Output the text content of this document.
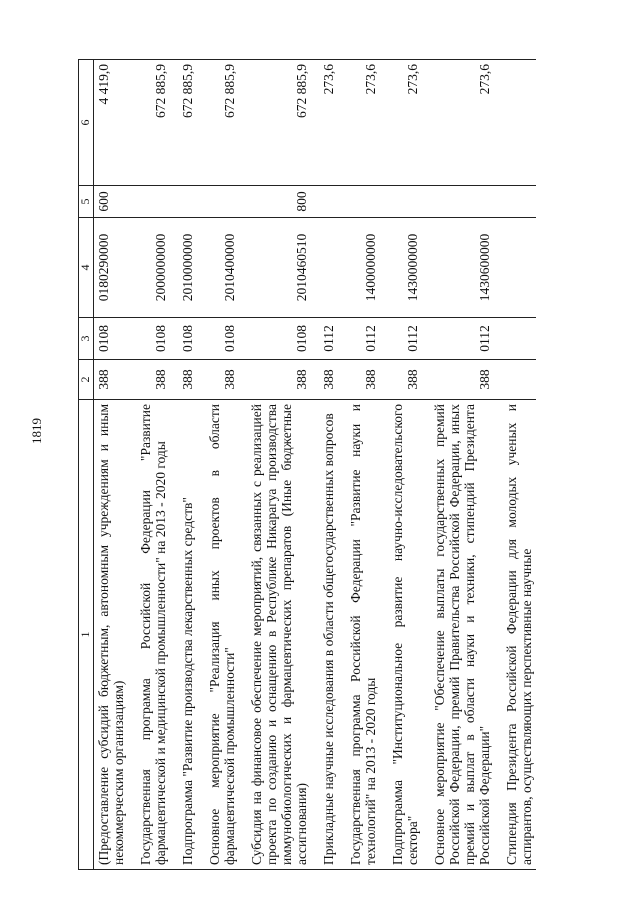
1819
1	2	3	4	5	6
(Предоставление субсидий бюджетным, автономным учреждениям и иным некоммерческим организациям)	388	0108	0180290000	600	4 419,0
Государственная программа Российской Федерации "Развитие фармацевтической и медицинской промышленности" на 2013 - 2020 годы	388	0108	2000000000		672 885,9
Подпрограмма "Развитие производства лекарственных средств"	388	0108	2010000000		672 885,9
Основное мероприятие "Реализация иных проектов в области фармацевтической промышленности"	388	0108	2010400000		672 885,9
Субсидия на финансовое обеспечение мероприятий, связанных с реализацией проекта по созданию и оснащению в Республике Никарагуа производства иммунобиологических и фармацевтических препаратов (Иные бюджетные ассигнования)	388	0108	2010460510	800	672 885,9
Прикладные научные исследования в области общегосударственных вопросов	388	0112			273,6
Государственная программа Российской Федерации "Развитие науки и технологий" на 2013 - 2020 годы	388	0112	1400000000		273,6
Подпрограмма "Институциональное развитие научно-исследовательского сектора"	388	0112	1430000000		273,6
Основное мероприятие "Обеспечение выплаты государственных премий Российской Федерации, премий Правительства Российской Федерации, иных премий и выплат в области науки и техники, стипендий Президента Российской Федерации"	388	0112	1430600000		273,6
Стипендия Президента Российской Федерации для молодых ученых и аспирантов, осуществляющих перспективные научные					
